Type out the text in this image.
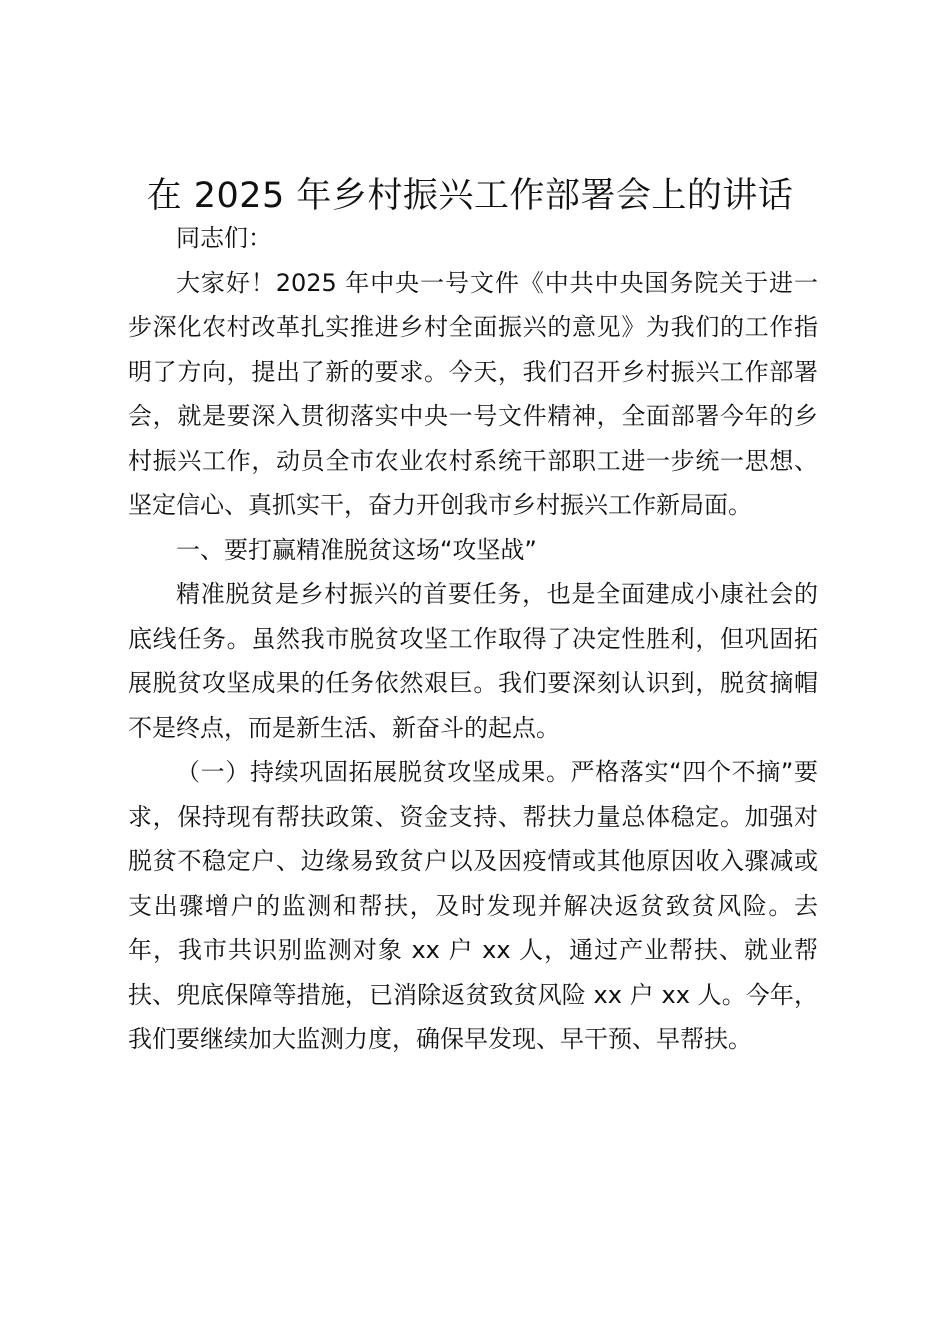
在 2025 年乡村振兴工作部署会上的讲话

同志们：

大家好！2025 年中央一号文件《中共中央国务院关于进一步深化农村改革扎实推进乡村全面振兴的意见》为我们的工作指明了方向，提出了新的要求。今天，我们召开乡村振兴工作部署会，就是要深入贯彻落实中央一号文件精神，全面部署今年的乡村振兴工作，动员全市农业农村系统干部职工进一步统一思想、坚定信心、真抓实干，奋力开创我市乡村振兴工作新局面。

一、要打赢精准脱贫这场“攻坚战”

精准脱贫是乡村振兴的首要任务，也是全面建成小康社会的底线任务。虽然我市脱贫攻坚工作取得了决定性胜利，但巩固拓展脱贫攻坚成果的任务依然艰巨。我们要深刻认识到，脱贫摘帽不是终点，而是新生活、新奋斗的起点。

（一）持续巩固拓展脱贫攻坚成果。严格落实“四个不摘”要求，保持现有帮扶政策、资金支持、帮扶力量总体稳定。加强对脱贫不稳定户、边缘易致贫户以及因疫情或其他原因收入骤减或支出骤增户的监测和帮扶，及时发现并解决返贫致贫风险。去年，我市共识别监测对象 xx 户 xx 人，通过产业帮扶、就业帮扶、兜底保障等措施，已消除返贫致贫风险 xx 户 xx 人。今年，我们要继续加大监测力度，确保早发现、早干预、早帮扶。
